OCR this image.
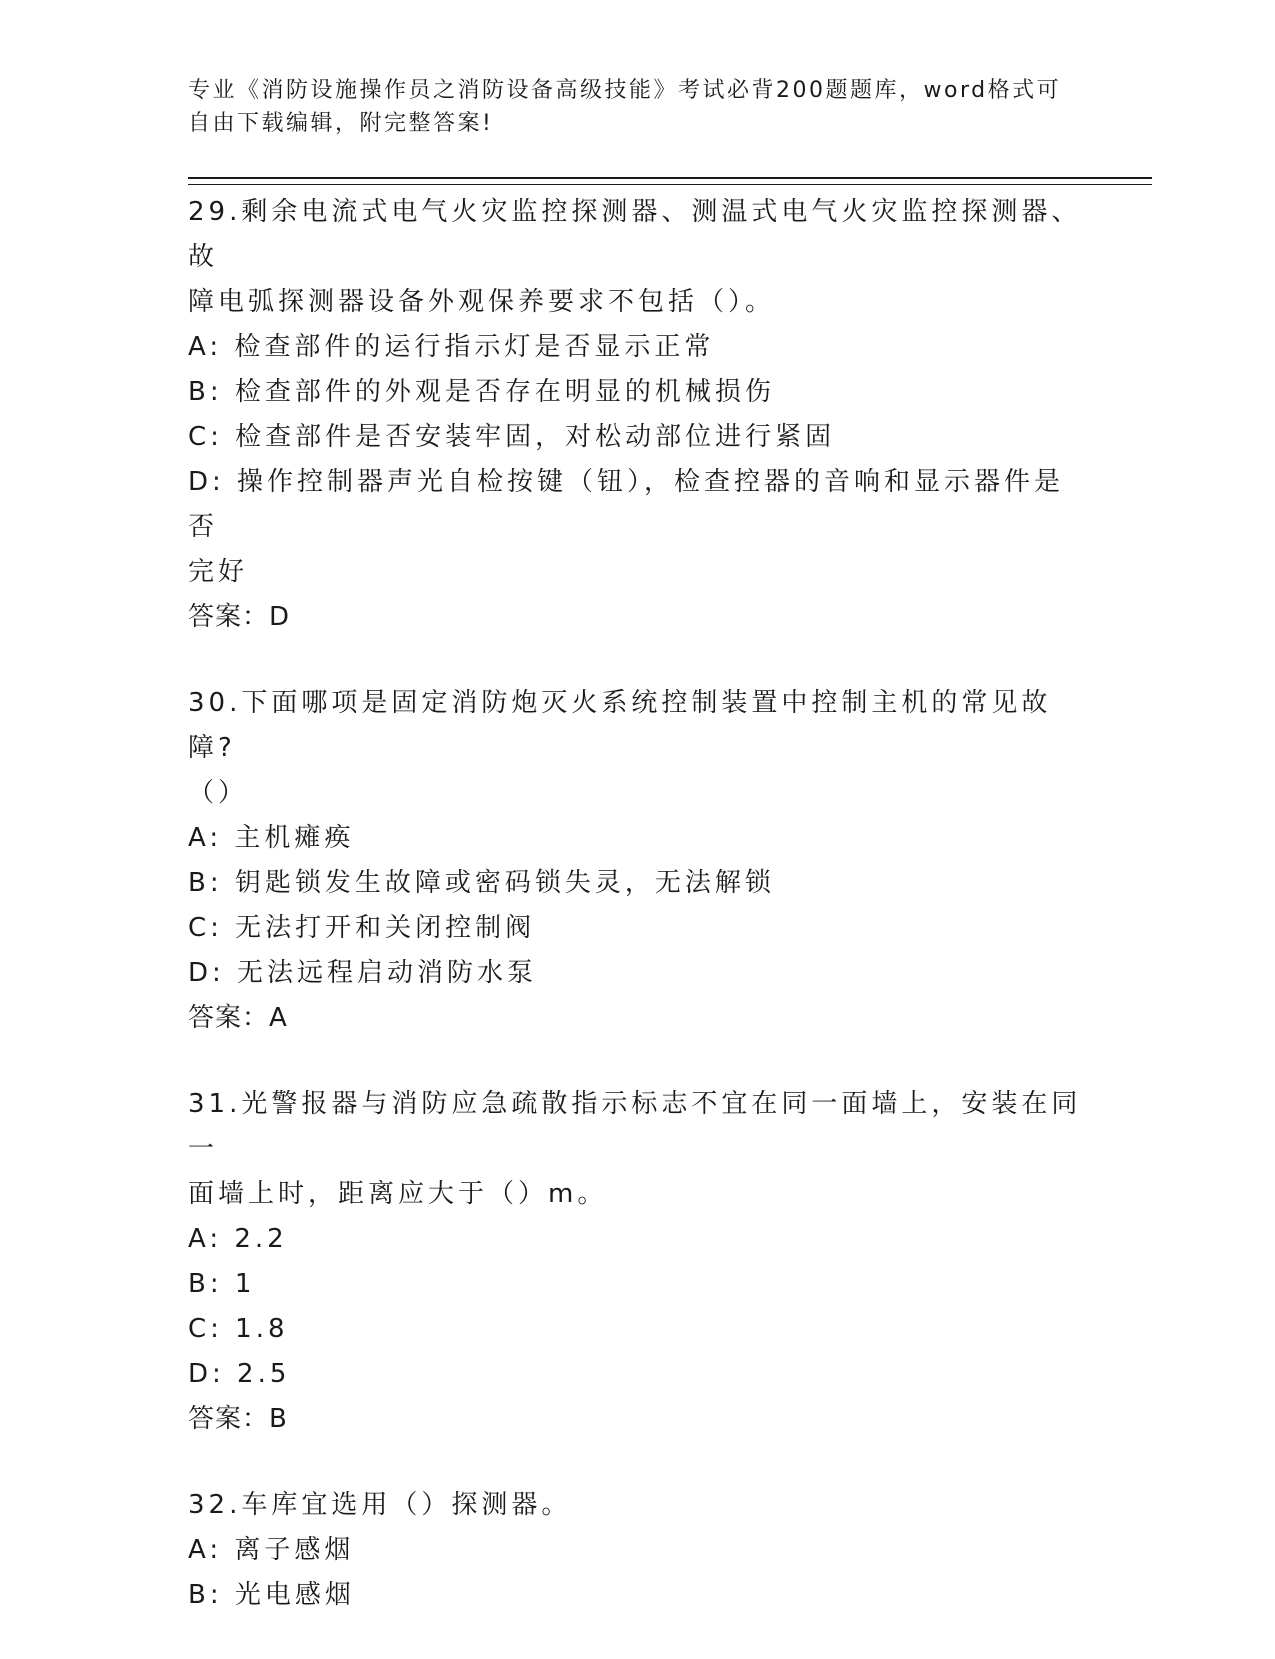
专业《消防设施操作员之消防设备高级技能》考试必背200题题库，word格式可
自由下载编辑，附完整答案!
29.剩余电流式电气火灾监控探测器、测温式电气火灾监控探测器、故
障电弧探测器设备外观保养要求不包括（）。
A: 检查部件的运行指示灯是否显示正常
B: 检查部件的外观是否存在明显的机械损伤
C: 检查部件是否安装牢固，对松动部位进行紧固
D: 操作控制器声光自检按键（钮），检查控器的音响和显示器件是否
完好
答案：D
30.下面哪项是固定消防炮灭火系统控制装置中控制主机的常见故障?
（）
A: 主机瘫痪
B: 钥匙锁发生故障或密码锁失灵，无法解锁
C: 无法打开和关闭控制阀
D: 无法远程启动消防水泵
答案：A
31.光警报器与消防应急疏散指示标志不宜在同一面墙上，安装在同一
面墙上时，距离应大于（）m。
A: 2.2
B: 1
C: 1.8
D: 2.5
答案：B
32.车库宜选用（）探测器。
A: 离子感烟
B: 光电感烟
